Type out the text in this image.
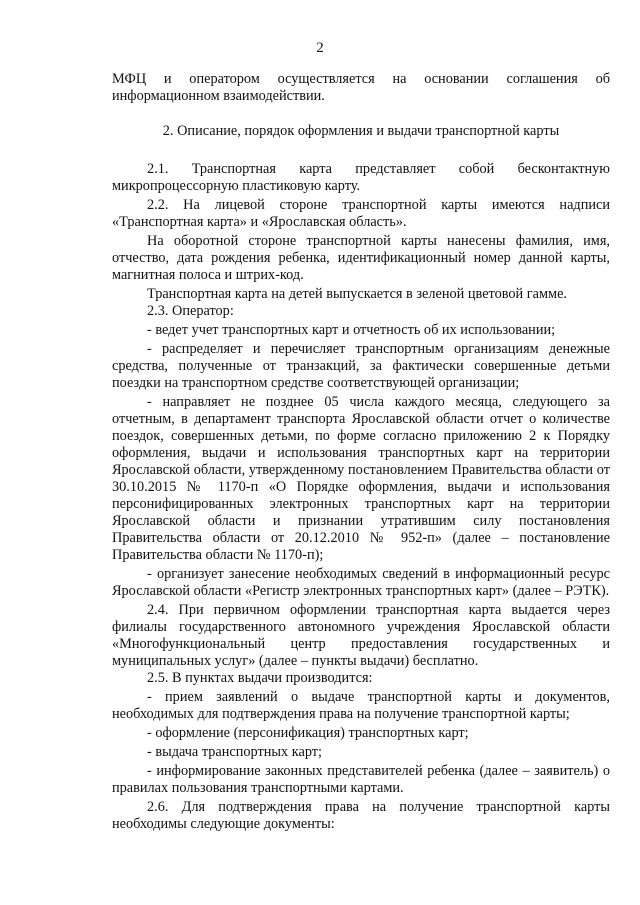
2

МФЦ и оператором осуществляется на основании соглашения об информационном взаимодействии.

2. Описание, порядок оформления и выдачи транспортной карты

2.1. Транспортная карта представляет собой бесконтактную микропроцессорную пластиковую карту.

2.2. На лицевой стороне транспортной карты имеются надписи «Транспортная карта» и «Ярославская область».

На оборотной стороне транспортной карты нанесены фамилия, имя, отчество, дата рождения ребенка, идентификационный номер данной карты, магнитная полоса и штрих-код.

Транспортная карта на детей выпускается в зеленой цветовой гамме.

2.3. Оператор:

- ведет учет транспортных карт и отчетность об их использовании;

- распределяет и перечисляет транспортным организациям денежные средства, полученные от транзакций, за фактически совершенные детьми поездки на транспортном средстве соответствующей организации;

- направляет не позднее 05 числа каждого месяца, следующего за отчетным, в департамент транспорта Ярославской области отчет о количестве поездок, совершенных детьми, по форме согласно приложению 2 к Порядку оформления, выдачи и использования транспортных карт на территории Ярославской области, утвержденному постановлением Правительства области от 30.10.2015 № 1170-п «О Порядке оформления, выдачи и использования персонифицированных электронных транспортных карт на территории Ярославской области и признании утратившим силу постановления Правительства области от 20.12.2010 № 952-п» (далее – постановление Правительства области № 1170-п);

- организует занесение необходимых сведений в информационный ресурс Ярославской области «Регистр электронных транспортных карт» (далее – РЭТК).

2.4. При первичном оформлении транспортная карта выдается через филиалы государственного автономного учреждения Ярославской области «Многофункциональный центр предоставления государственных и муниципальных услуг» (далее – пункты выдачи) бесплатно.

2.5. В пунктах выдачи производится:

- прием заявлений о выдаче транспортной карты и документов, необходимых для подтверждения права на получение транспортной карты;

- оформление (персонификация) транспортных карт;

- выдача транспортных карт;

- информирование законных представителей ребенка (далее – заявитель) о правилах пользования транспортными картами.

2.6. Для подтверждения права на получение транспортной карты необходимы следующие документы:
